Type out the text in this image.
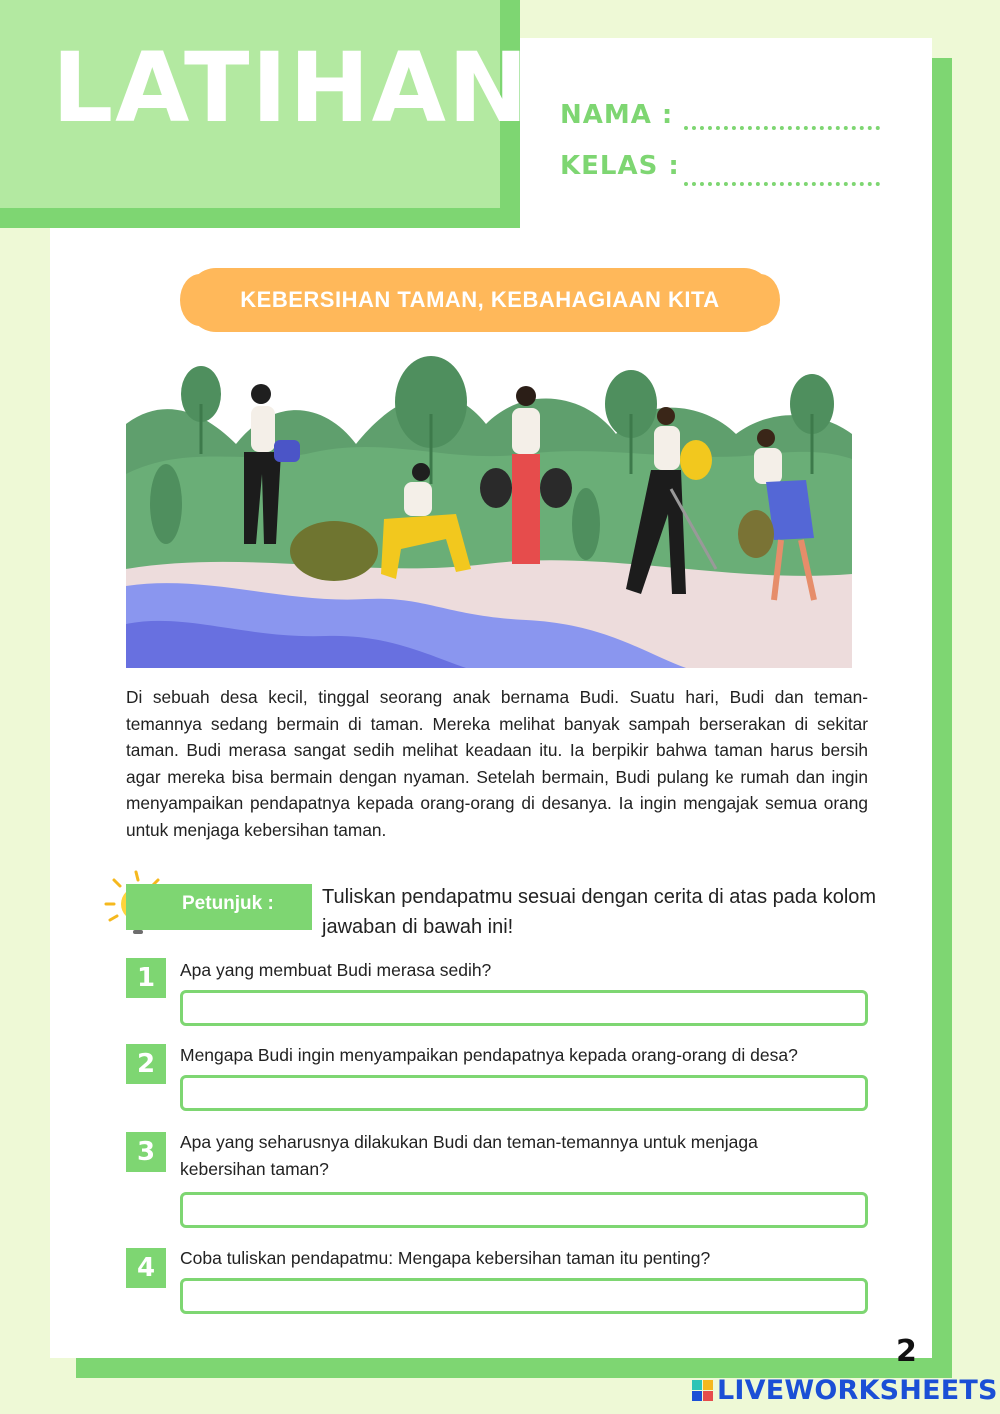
LATIHAN NAMA :
KELAS :
KEBERSIHAN TAMAN, KEBAHAGIAAN KITA
Di sebuah desa kecil, tinggal seorang anak bernama Budi. Suatu hari, Budi dan teman-temannya sedang bermain di taman. Mereka melihat banyak sampah berserakan di sekitar taman. Budi merasa sangat sedih melihat keadaan itu. Ia berpikir bahwa taman harus bersih agar mereka bisa bermain dengan nyaman. Setelah bermain, Budi pulang ke rumah dan ingin menyampaikan pendapatnya kepada orang-orang di desanya. Ia ingin mengajak semua orang untuk menjaga kebersihan taman.
Petunjuk : Tuliskan pendapatmu sesuai dengan cerita di atas pada kolom jawaban di bawah ini!
1	Apa yang membuat Budi merasa sedih?
2	Mengapa Budi ingin menyampaikan pendapatnya kepada orang-orang di desa?
3	Apa yang seharusnya dilakukan Budi dan teman-temannya untuk menjaga kebersihan taman?
4	Coba tuliskan pendapatmu: Mengapa kebersihan taman itu penting?
2
LIVEWORKSHEETS
